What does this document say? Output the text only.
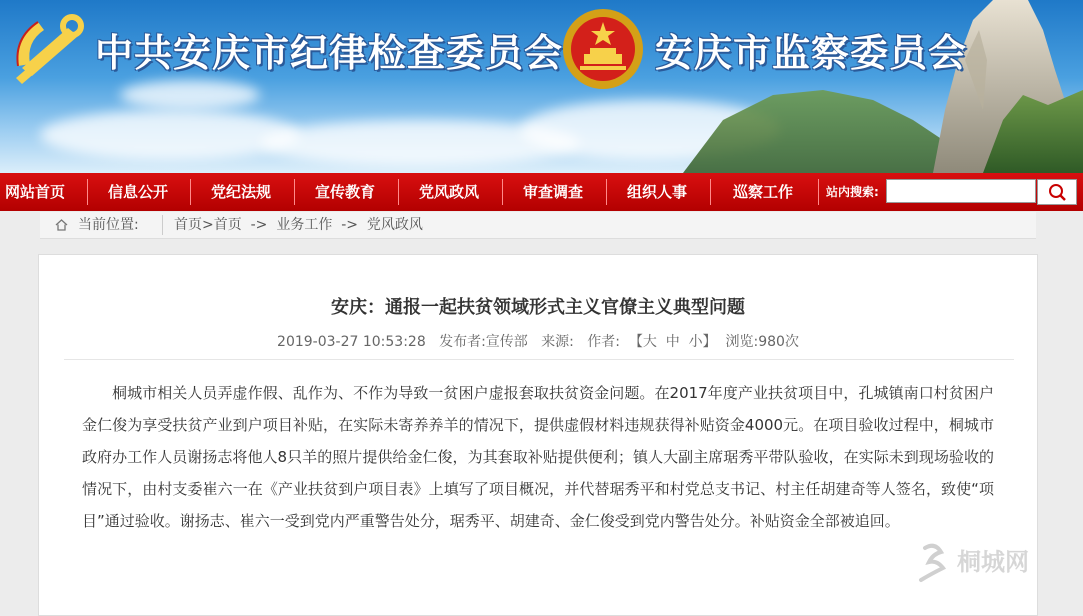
中共安庆市纪律检查委员会 安庆市监察委员会
网站首页	信息公开	党纪法规	宣传教育	党风政风	审查调查	组织人事	巡察工作	站内搜索:
当前位置:	首页>首页  ->  业务工作  ->  党风政风
安庆：通报一起扶贫领域形式主义官僚主义典型问题
2019-03-27 10:53:28   发布者:宣传部   来源:   作者:  【大  中  小】  浏览:980次

桐城市相关人员弄虚作假、乱作为、不作为导致一贫困户虚报套取扶贫资金问题。在2017年度产业扶贫项目中，孔城镇南口村贫困户金仁俊为享受扶贫产业到户项目补贴，在实际未寄养养羊的情况下，提供虚假材料违规获得补贴资金4000元。在项目验收过程中，桐城市政府办工作人员谢扬志将他人8只羊的照片提供给金仁俊，为其套取补贴提供便利；镇人大副主席琚秀平带队验收，在实际未到现场验收的情况下，由村支委崔六一在《产业扶贫到户项目表》上填写了项目概况，并代替琚秀平和村党总支书记、村主任胡建奇等人签名，致使“项目”通过验收。谢扬志、崔六一受到党内严重警告处分，琚秀平、胡建奇、金仁俊受到党内警告处分。补贴资金全部被追回。

桐城网
